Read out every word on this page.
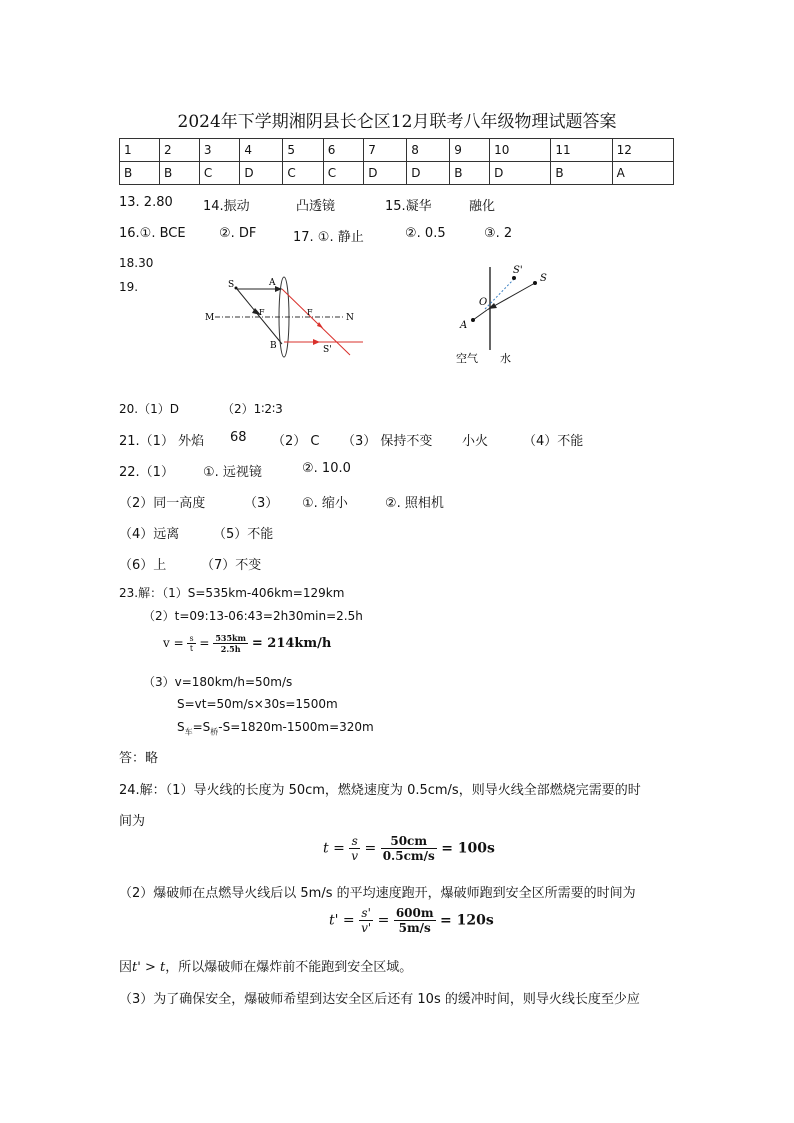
2024年下学期湘阴县长仑区12月联考八年级物理试题答案
1	2	3	4	5	6	7	8	9	10	11	12
B	B	C	D	C	C	D	D	B	D	B	A
13. 2.80 14.振动	凸透镜	15.凝华	融化
16.①. BCE	②. DF	17. ①. 静止	②. 0.5	③. 2
18.30
19.	S	A
F	F
M	N
B	S'
S'
S
O
A
空气 水
20.（1）D	（2）1∶2∶3
21.（1） 外焰 68 （2） C （3） 保持不变 小火	（4）不能
22.（1） ①. 远视镜	②. 10.0
（2）同一高度	（3） ①. 缩小	②. 照相机
（4）远离	（5）不能
（6）上	（7）不变
23.解：（1）S=535km-406km=129km
（2）t=09:13-06:43=2h30min=2.5h
$v = \frac{s}{t} = \frac{535km}{2.5h} = 214km/h$
（3）v=180km/h=50m/s
S=vt=50m/s×30s=1500m
$S_车=S_桥-S=1820m-1500m=320m$
答：略
24.解：（1）导火线的长度为 50cm，燃烧速度为 0.5cm/s，则导火线全部燃烧完需要的时
间为
$t = \frac{s}{v} = \frac{50cm}{0.5cm/s} = 100s$
（2）爆破师在点燃导火线后以 5m/s 的平均速度跑开，爆破师跑到安全区所需要的时间为
$t' = \frac{s'}{v'} = \frac{600m}{5m/s} = 120s$
因t' > t，所以爆破师在爆炸前不能跑到安全区域。
（3）为了确保安全，爆破师希望到达安全区后还有 10s 的缓冲时间，则导火线长度至少应
